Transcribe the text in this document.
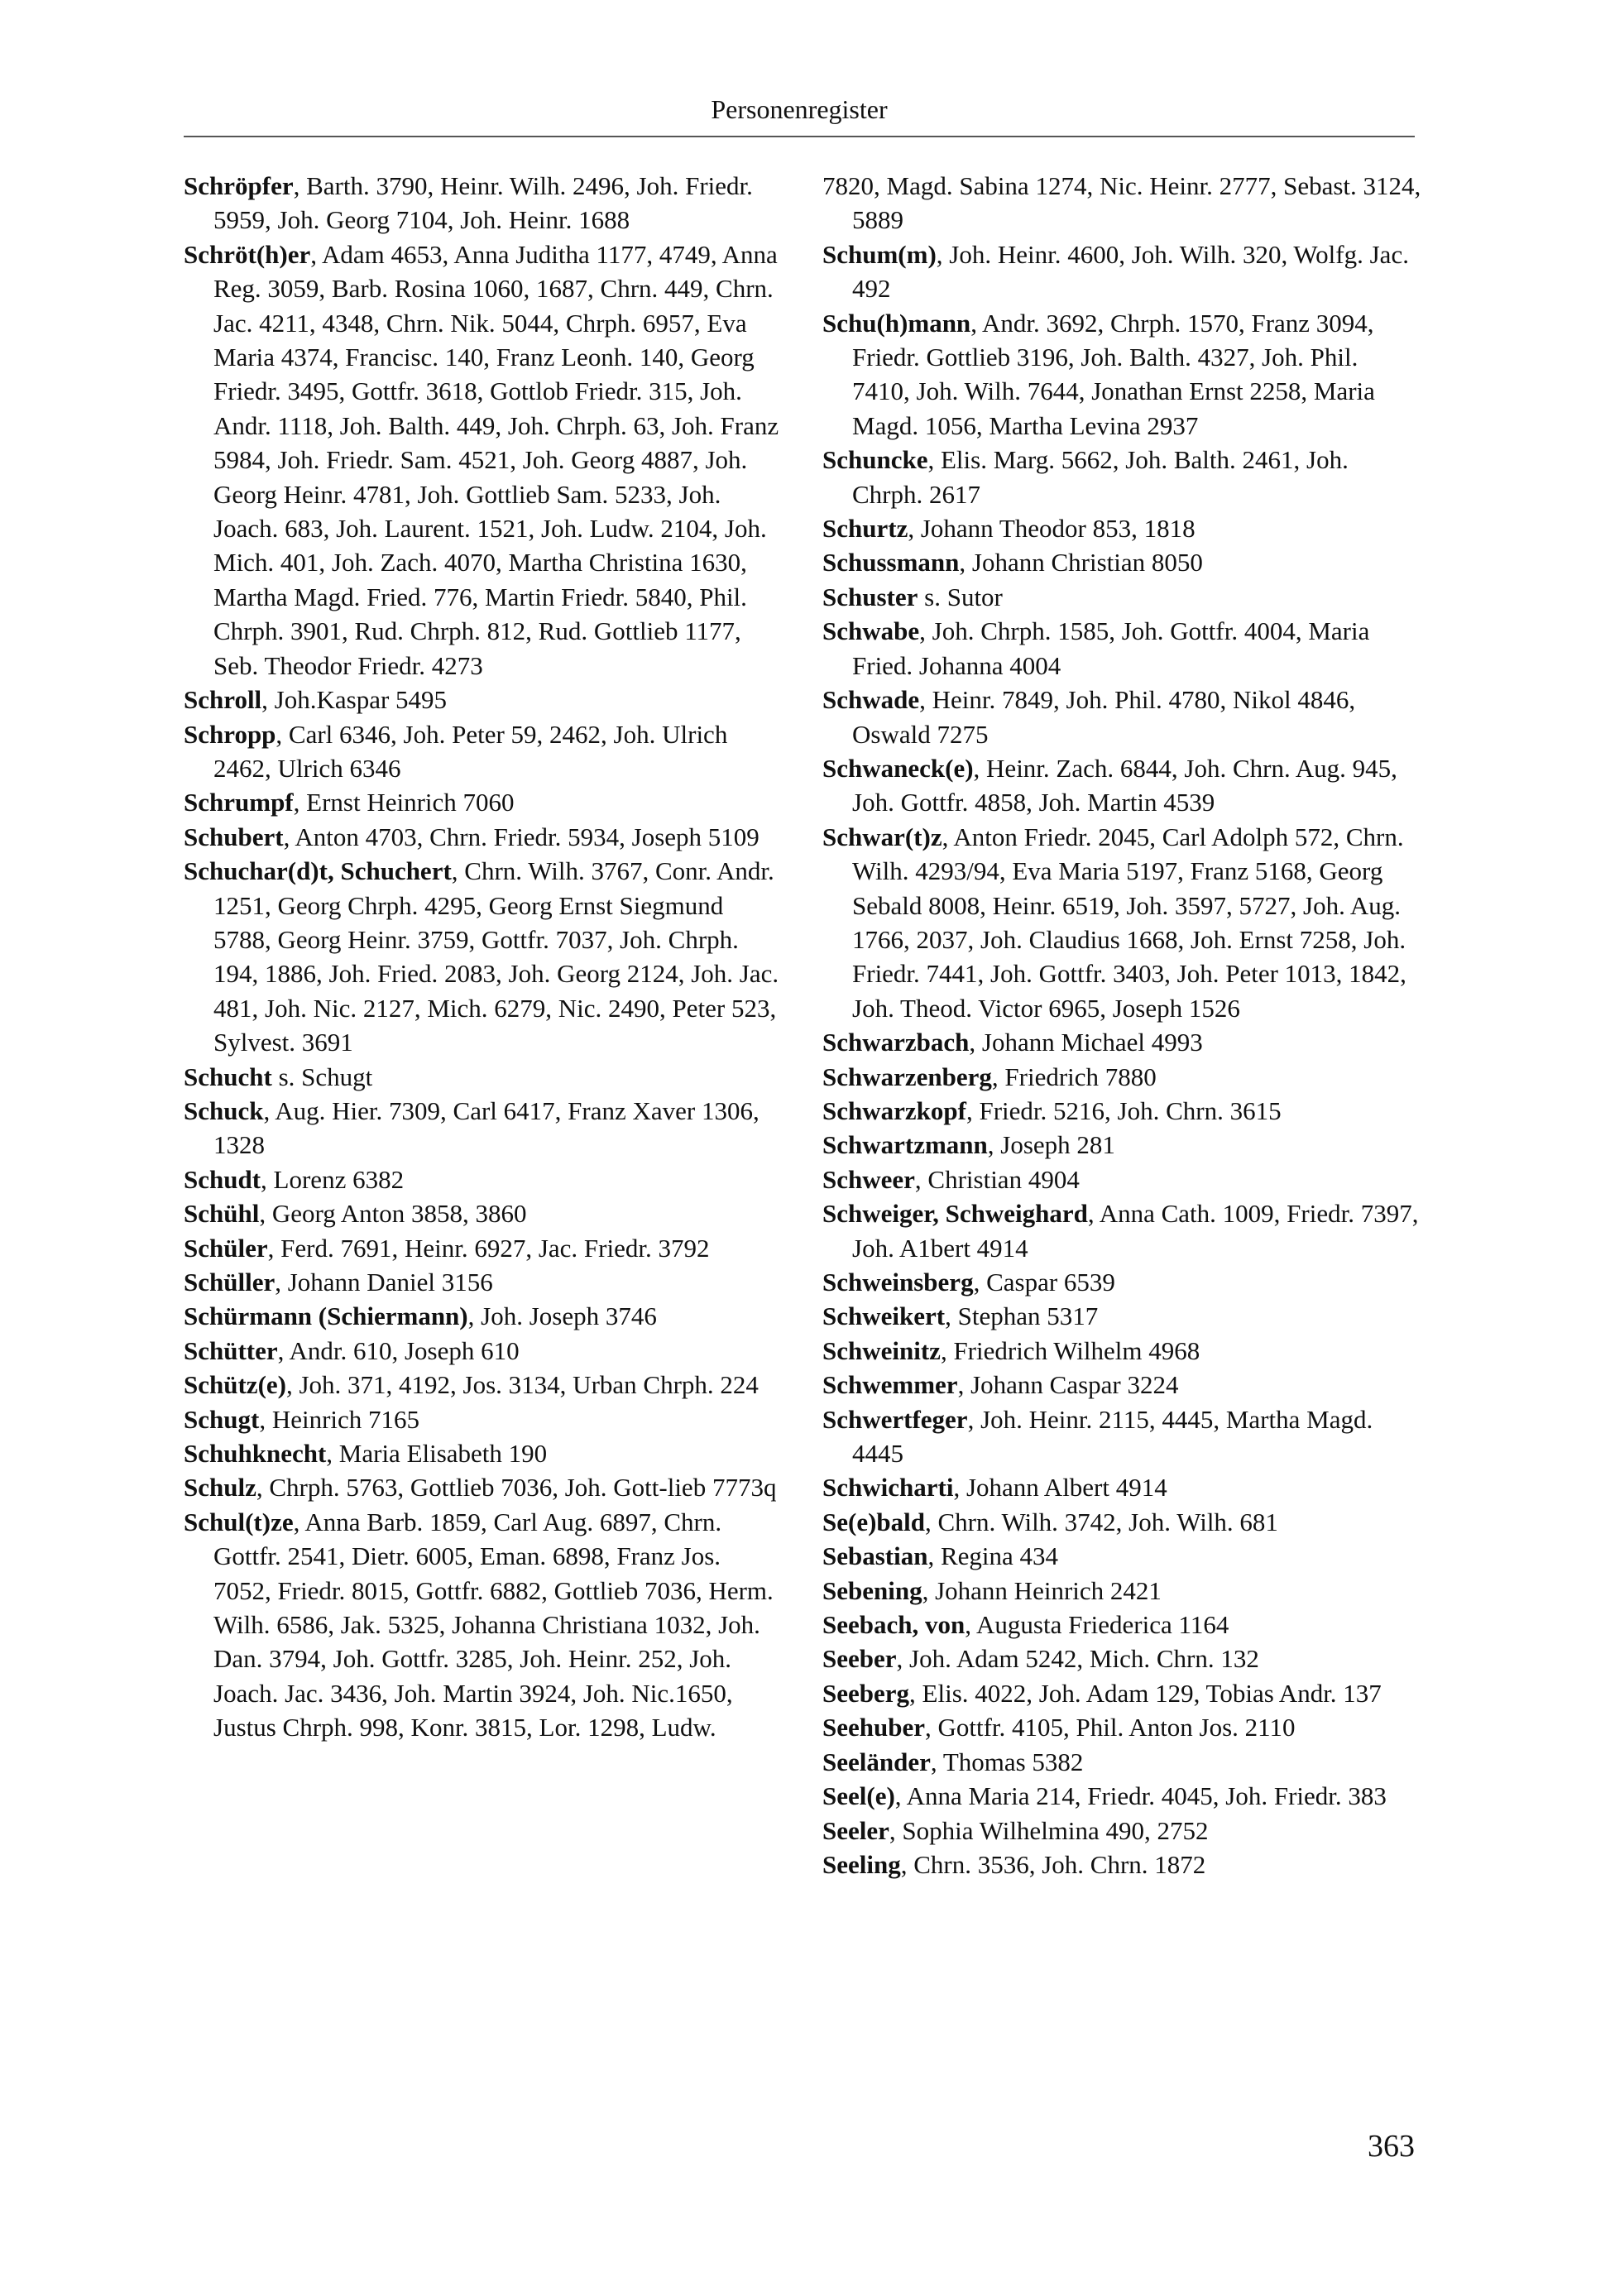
Personenregister

Schröpfer, Barth. 3790, Heinr. Wilh. 2496, Joh. Friedr. 5959, Joh. Georg 7104, Joh. Heinr. 1688

Schröt(h)er, Adam 4653, Anna Juditha 1177, 4749, Anna Reg. 3059, Barb. Rosina 1060, 1687, Chrn. 449, Chrn. Jac. 4211, 4348, Chrn. Nik. 5044, Chrph. 6957, Eva Maria 4374, Francisc. 140, Franz Leonh. 140, Georg Friedr. 3495, Gottfr. 3618, Gottlob Friedr. 315, Joh. Andr. 1118, Joh. Balth. 449, Joh. Chrph. 63, Joh. Franz 5984, Joh. Friedr. Sam. 4521, Joh. Georg 4887, Joh. Georg Heinr. 4781, Joh. Gottlieb Sam. 5233, Joh. Joach. 683, Joh. Laurent. 1521, Joh. Ludw. 2104, Joh. Mich. 401, Joh. Zach. 4070, Martha Christina 1630, Martha Magd. Fried. 776, Martin Friedr. 5840, Phil. Chrph. 3901, Rud. Chrph. 812, Rud. Gottlieb 1177, Seb. Theodor Friedr. 4273

Schroll, Joh.Kaspar 5495

Schropp, Carl 6346, Joh. Peter 59, 2462, Joh. Ulrich 2462, Ulrich 6346

Schrumpf, Ernst Heinrich 7060

Schubert, Anton 4703, Chrn. Friedr. 5934, Joseph 5109

Schuchar(d)t, Schuchert, Chrn. Wilh. 3767, Conr. Andr. 1251, Georg Chrph. 4295, Georg Ernst Siegmund 5788, Georg Heinr. 3759, Gottfr. 7037, Joh. Chrph. 194, 1886, Joh. Fried. 2083, Joh. Georg 2124, Joh. Jac. 481, Joh. Nic. 2127, Mich. 6279, Nic. 2490, Peter 523, Sylvest. 3691

Schucht s. Schugt

Schuck, Aug. Hier. 7309, Carl 6417, Franz Xaver 1306, 1328

Schudt, Lorenz 6382

Schühl, Georg Anton 3858, 3860

Schüler, Ferd. 7691, Heinr. 6927, Jac. Friedr. 3792

Schüller, Johann Daniel 3156

Schürmann (Schiermann), Joh. Joseph 3746

Schütter, Andr. 610, Joseph 610

Schütz(e), Joh. 371, 4192, Jos. 3134, Urban Chrph. 224

Schugt, Heinrich 7165

Schuhknecht, Maria Elisabeth 190

Schulz, Chrph. 5763, Gottlieb 7036, Joh. Gott-lieb 7773q

Schul(t)ze, Anna Barb. 1859, Carl Aug. 6897, Chrn. Gottfr. 2541, Dietr. 6005, Eman. 6898, Franz Jos. 7052, Friedr. 8015, Gottfr. 6882, Gottlieb 7036, Herm. Wilh. 6586, Jak. 5325, Johanna Christiana 1032, Joh. Dan. 3794, Joh. Gottfr. 3285, Joh. Heinr. 252, Joh. Joach. Jac. 3436, Joh. Martin 3924, Joh. Nic.1650, Justus Chrph. 998, Konr. 3815, Lor. 1298, Ludw.

7820, Magd. Sabina 1274, Nic. Heinr. 2777, Sebast. 3124, 5889

Schum(m), Joh. Heinr. 4600, Joh. Wilh. 320, Wolfg. Jac. 492

Schu(h)mann, Andr. 3692, Chrph. 1570, Franz 3094, Friedr. Gottlieb 3196, Joh. Balth. 4327, Joh. Phil. 7410, Joh. Wilh. 7644, Jonathan Ernst 2258, Maria Magd. 1056, Martha Levina 2937

Schuncke, Elis. Marg. 5662, Joh. Balth. 2461, Joh. Chrph. 2617

Schurtz, Johann Theodor 853, 1818

Schussmann, Johann Christian 8050

Schuster s. Sutor

Schwabe, Joh. Chrph. 1585, Joh. Gottfr. 4004, Maria Fried. Johanna 4004

Schwade, Heinr. 7849, Joh. Phil. 4780, Nikol 4846, Oswald 7275

Schwaneck(e), Heinr. Zach. 6844, Joh. Chrn. Aug. 945, Joh. Gottfr. 4858, Joh. Martin 4539

Schwar(t)z, Anton Friedr. 2045, Carl Adolph 572, Chrn. Wilh. 4293/94, Eva Maria 5197, Franz 5168, Georg Sebald 8008, Heinr. 6519, Joh. 3597, 5727, Joh. Aug. 1766, 2037, Joh. Claudius 1668, Joh. Ernst 7258, Joh. Friedr. 7441, Joh. Gottfr. 3403, Joh. Peter 1013, 1842, Joh. Theod. Victor 6965, Joseph 1526

Schwarzbach, Johann Michael 4993

Schwarzenberg, Friedrich 7880

Schwarzkopf, Friedr. 5216, Joh. Chrn. 3615

Schwartzmann, Joseph 281

Schweer, Christian 4904

Schweiger, Schweighard, Anna Cath. 1009, Friedr. 7397, Joh. A1bert 4914

Schweinsberg, Caspar 6539

Schweikert, Stephan 5317

Schweinitz, Friedrich Wilhelm 4968

Schwemmer, Johann Caspar 3224

Schwertfeger, Joh. Heinr. 2115, 4445, Martha Magd. 4445

Schwicharti, Johann Albert 4914

Se(e)bald, Chrn. Wilh. 3742, Joh. Wilh. 681

Sebastian, Regina 434

Sebening, Johann Heinrich 2421

Seebach, von, Augusta Friederica 1164

Seeber, Joh. Adam 5242, Mich. Chrn. 132

Seeberg, Elis. 4022, Joh. Adam 129, Tobias Andr. 137

Seehuber, Gottfr. 4105, Phil. Anton Jos. 2110

Seeländer, Thomas 5382

Seel(e), Anna Maria 214, Friedr. 4045, Joh. Friedr. 383

Seeler, Sophia Wilhelmina 490, 2752

Seeling, Chrn. 3536, Joh. Chrn. 1872

363
